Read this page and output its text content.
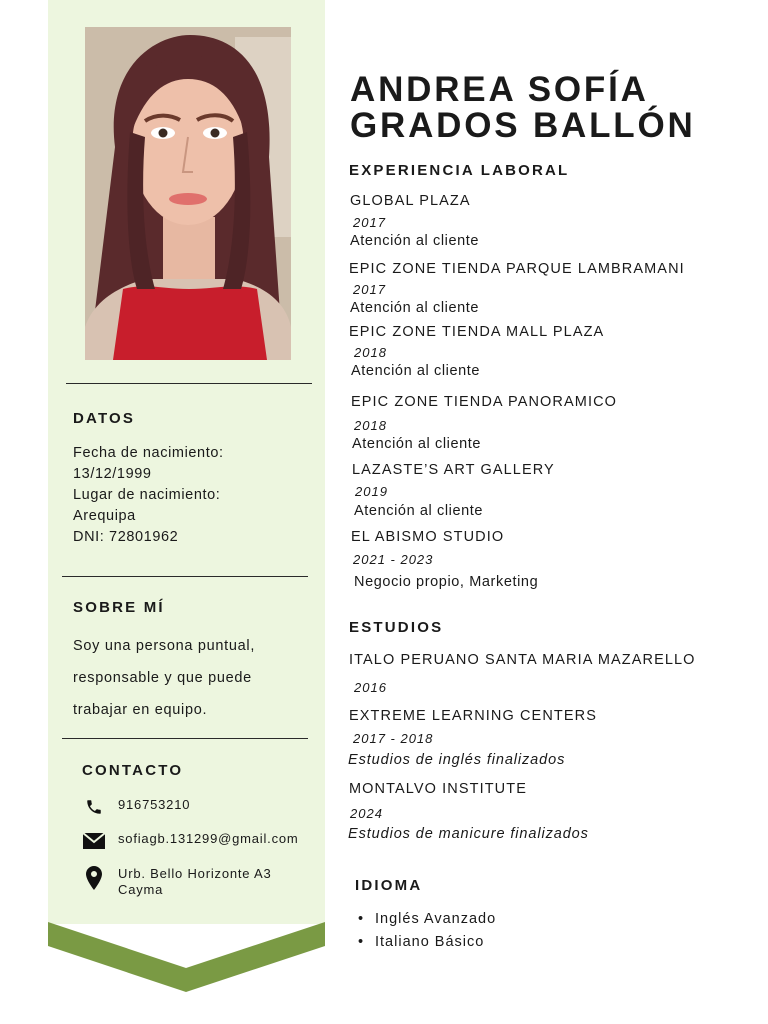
DATOS
Fecha de nacimiento:
13/12/1999
Lugar de nacimiento:
Arequipa
DNI: 72801962
SOBRE MÍ
Soy una persona puntual,
responsable y que puede
trabajar en equipo.
CONTACTO
916753210
sofiagb.131299@gmail.com
Urb. Bello Horizonte A3
Cayma
ANDREA SOFÍA
GRADOS BALLÓN
EXPERIENCIA LABORAL
GLOBAL PLAZA
2017
Atención al cliente
EPIC ZONE TIENDA PARQUE LAMBRAMANI
2017
Atención al cliente
EPIC ZONE TIENDA MALL PLAZA
2018
Atención al cliente
EPIC ZONE TIENDA PANORAMICO
2018
Atención al cliente
LAZASTE’S ART GALLERY
2019
Atención al cliente
EL ABISMO STUDIO
2021 - 2023
Negocio propio, Marketing
ESTUDIOS
ITALO PERUANO SANTA MARIA MAZARELLO
2016
EXTREME LEARNING CENTERS
2017 - 2018
Estudios de inglés finalizados
MONTALVO INSTITUTE
2024
Estudios de manicure finalizados
IDIOMA
• Inglés Avanzado
• Italiano Básico
